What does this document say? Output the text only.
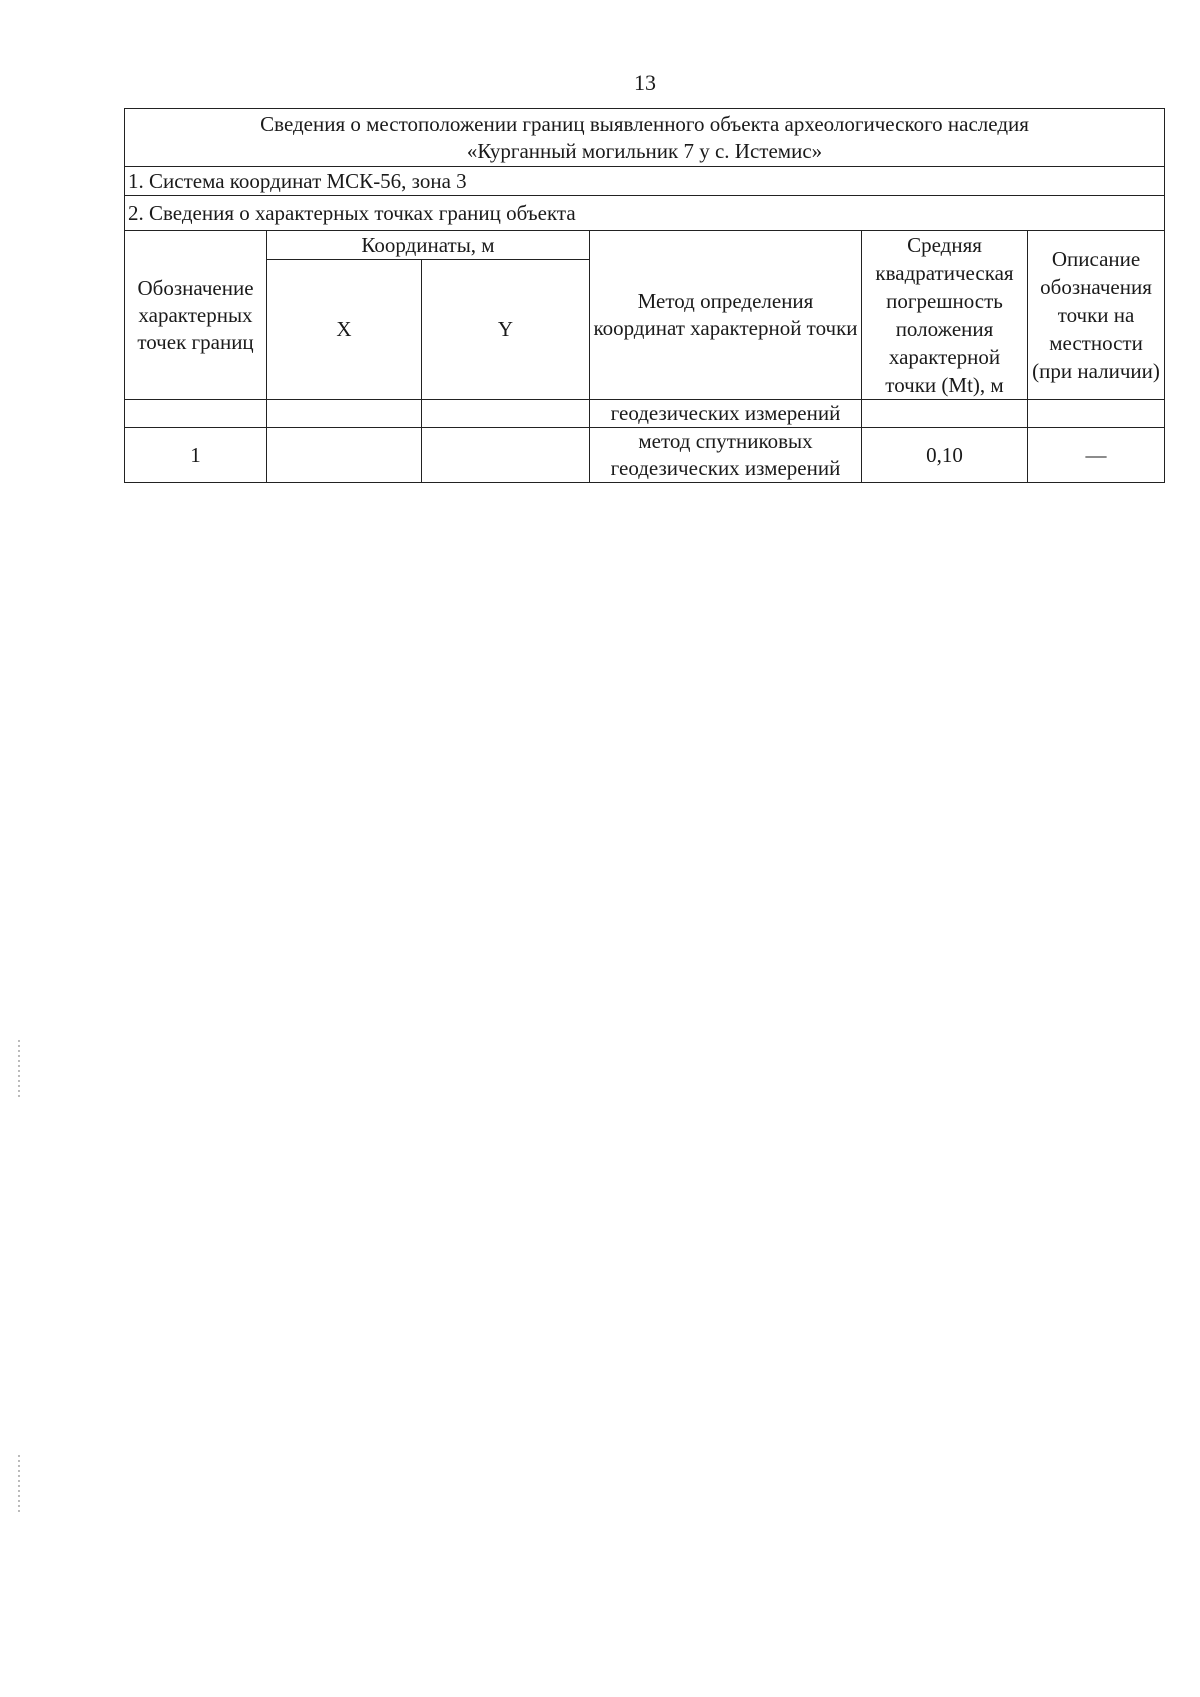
13
Сведения о местоположении границ выявленного объекта археологического наследия
«Курганный могильник 7 у с. Истемис»					

1. Система координат МСК-56, зона 3					
2. Сведения о характерных точках границ объекта					
Обозначение характерных точек границ	Координаты, м		Метод определения координат характерной точки	Средняя квадратическая погрешность положения характерной точки (Mt), м	Описание обозначения точки на местности (при наличии)
	X	Y			
			геодезических измерений		
1			метод спутниковых геодезических измерений	0,10	—
